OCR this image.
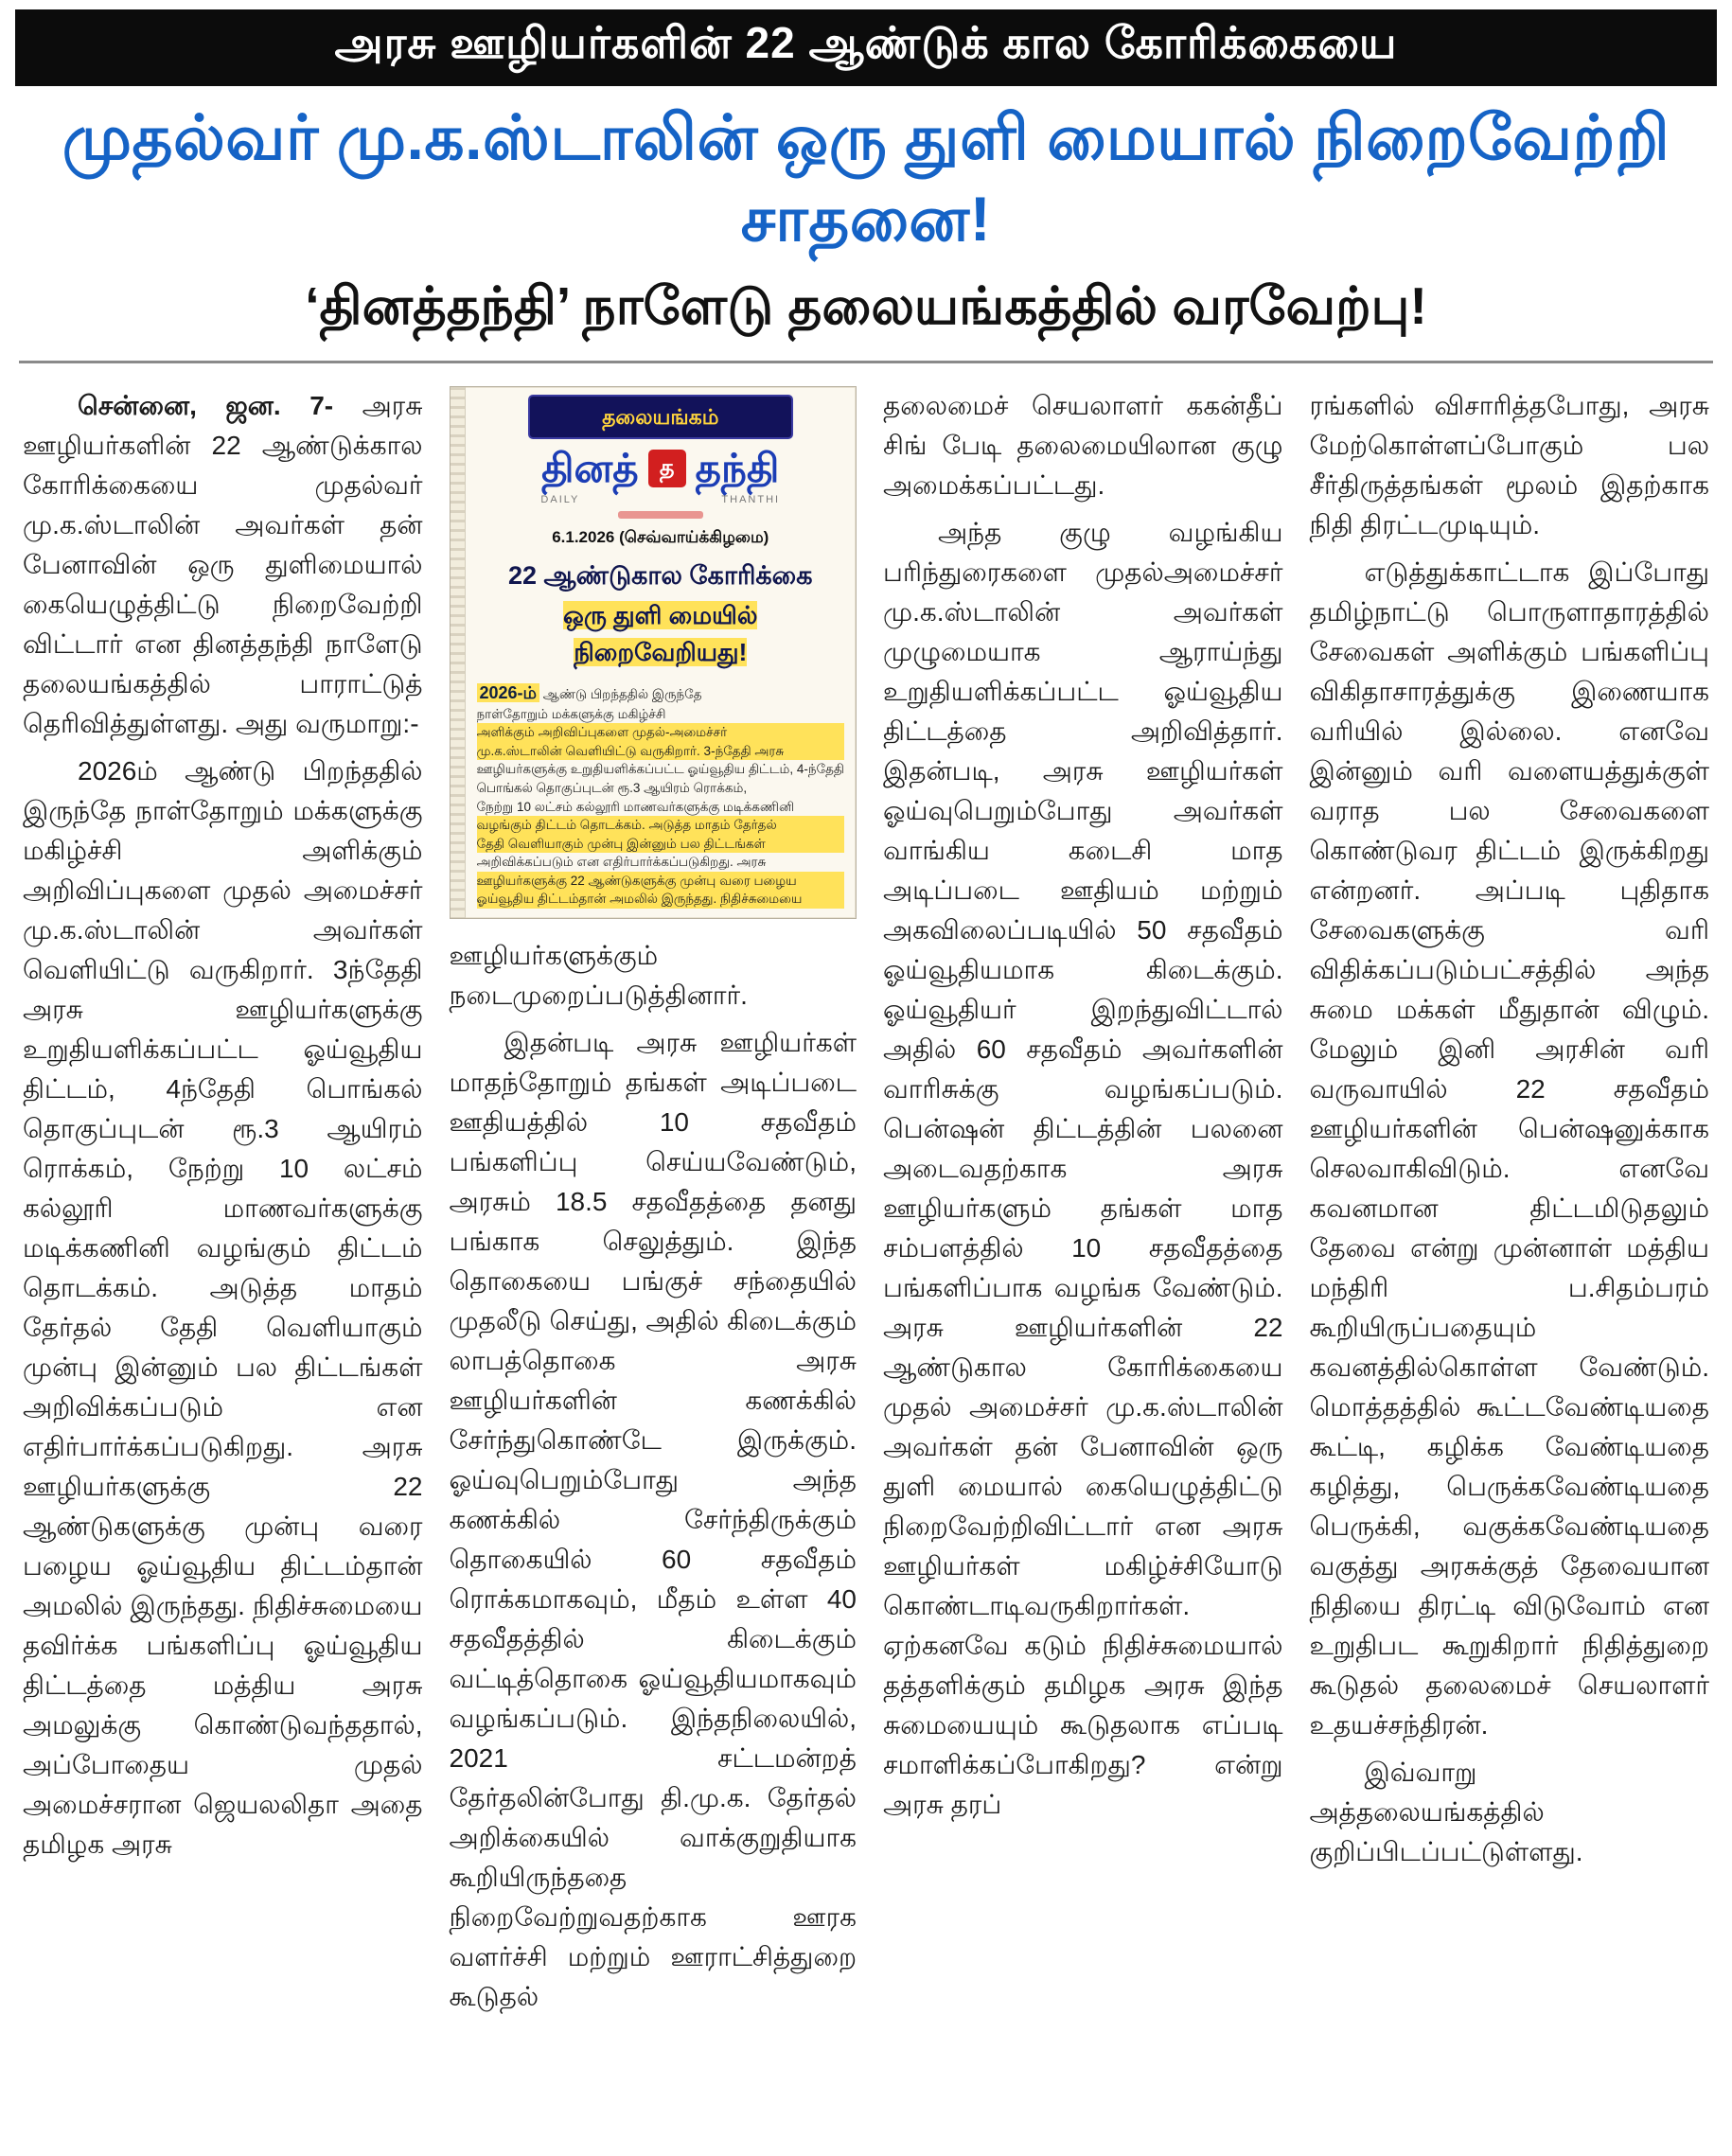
அரசு ஊழியர்களின் 22 ஆண்டுக் கால கோரிக்கையை
முதல்வர் மு.க.ஸ்டாலின் ஒரு துளி மையால் நிறைவேற்றி சாதனை!
‘தினத்தந்தி’ நாளேடு தலையங்கத்தில் வரவேற்பு!

சென்னை, ஜன. 7- அரசு ஊழியர்களின் 22 ஆண்டுக்கால கோரிக்கையை முதல்வர் மு.க.ஸ்டாலின் அவர்கள் தன் பேனாவின் ஒரு துளிமையால் கையெழுத்திட்டு நிறைவேற்றி விட்டார் என தினத்தந்தி நாளேடு தலையங்கத்தில் பாராட்டுத் தெரிவித்துள்ளது. அது வருமாறு:-

2026ம் ஆண்டு பிறந்ததில் இருந்தே நாள்தோறும் மக்களுக்கு மகிழ்ச்சி அளிக்கும் அறிவிப்புகளை முதல் அமைச்சர் மு.க.ஸ்டாலின் அவர்கள் வெளியிட்டு வருகிறார். 3ந்தேதி அரசு ஊழியர்களுக்கு உறுதியளிக்கப்பட்ட ஓய்வூதிய திட்டம், 4ந்தேதி பொங்கல் தொகுப்புடன் ரூ.3 ஆயிரம் ரொக்கம், நேற்று 10 லட்சம் கல்லூரி மாணவர்களுக்கு மடிக்கணினி வழங்கும் திட்டம் தொடக்கம். அடுத்த மாதம் தேர்தல் தேதி வெளியாகும் முன்பு இன்னும் பல திட்டங்கள் அறிவிக்கப்படும் என எதிர்பார்க்கப்படுகிறது. அரசு ஊழியர்களுக்கு 22 ஆண்டுகளுக்கு முன்பு வரை பழைய ஓய்வூதிய திட்டம்தான் அமலில் இருந்தது. நிதிச்சுமையை தவிர்க்க பங்களிப்பு ஓய்வூதிய திட்டத்தை மத்திய அரசு அமலுக்கு கொண்டுவந்ததால், அப்போதைய முதல் அமைச்சரான ஜெயலலிதா அதை தமிழக அரசு

தலையங்கம்
தினத் த தந்தி
DAILY	THANTHI
6.1.2026 (செவ்வாய்க்கிழமை)
22 ஆண்டுகால கோரிக்கை
ஒரு துளி மையில் நிறைவேறியது!
2026-ம் ஆண்டு பிறந்ததில் இருந்தே
நாள்தோறும் மக்களுக்கு மகிழ்ச்சி
அளிக்கும் அறிவிப்புகளை முதல்-அமைச்சர்
மு.க.ஸ்டாலின் வெளியிட்டு வருகிறார். 3-ந்தேதி அரசு
ஊழியர்களுக்கு உறுதியளிக்கப்பட்ட ஓய்வூதிய திட்டம், 4-ந்தேதி
பொங்கல் தொகுப்புடன் ரூ.3 ஆயிரம் ரொக்கம்,
நேற்று 10 லட்சம் கல்லூரி மாணவர்களுக்கு மடிக்கணினி
வழங்கும் திட்டம் தொடக்கம். அடுத்த மாதம் தேர்தல்
தேதி வெளியாகும் முன்பு இன்னும் பல திட்டங்கள்
அறிவிக்கப்படும் என எதிர்பார்க்கப்படுகிறது. அரசு
ஊழியர்களுக்கு 22 ஆண்டுகளுக்கு முன்பு வரை பழைய
ஓய்வூதிய திட்டம்தான் அமலில் இருந்தது. நிதிச்சுமையை

ஊழியர்களுக்கும் நடைமுறைப்படுத்தினார்.

இதன்படி அரசு ஊழியர்கள் மாதந்தோறும் தங்கள் அடிப்படை ஊதியத்தில் 10 சதவீதம் பங்களிப்பு செய்யவேண்டும், அரசும் 18.5 சதவீதத்தை தனது பங்காக செலுத்தும். இந்த தொகையை பங்குச் சந்தையில் முதலீடு செய்து, அதில் கிடைக்கும் லாபத்தொகை அரசு ஊழியர்களின் கணக்கில் சேர்ந்துகொண்டே இருக்கும். ஓய்வுபெறும்போது அந்த கணக்கில் சேர்ந்திருக்கும் தொகையில் 60 சதவீதம் ரொக்கமாகவும், மீதம் உள்ள 40 சதவீதத்தில் கிடைக்கும் வட்டித்தொகை ஓய்வூதியமாகவும் வழங்கப்படும். இந்தநிலையில், 2021 சட்டமன்றத் தேர்தலின்போது தி.மு.க. தேர்தல் அறிக்கையில் வாக்குறுதியாக கூறியிருந்ததை நிறைவேற்றுவதற்காக ஊரக வளர்ச்சி மற்றும் ஊராட்சித்துறை கூடுதல்

தலைமைச் செயலாளர் ககன்தீப் சிங் பேடி தலைமையிலான குழு அமைக்கப்பட்டது.

அந்த குழு வழங்கிய பரிந்துரைகளை முதல்அமைச்சர் மு.க.ஸ்டாலின் அவர்கள் முழுமையாக ஆராய்ந்து உறுதியளிக்கப்பட்ட ஓய்வூதிய திட்டத்தை அறிவித்தார். இதன்படி, அரசு ஊழியர்கள் ஓய்வுபெறும்போது அவர்கள் வாங்கிய கடைசி மாத அடிப்படை ஊதியம் மற்றும் அகவிலைப்படியில் 50 சதவீதம் ஓய்வூதியமாக கிடைக்கும். ஓய்வூதியர் இறந்துவிட்டால் அதில் 60 சதவீதம் அவர்களின் வாரிசுக்கு வழங்கப்படும். பென்ஷன் திட்டத்தின் பலனை அடைவதற்காக அரசு ஊழியர்களும் தங்கள் மாத சம்பளத்தில் 10 சதவீதத்தை பங்களிப்பாக வழங்க வேண்டும். அரசு ஊழியர்களின் 22 ஆண்டுகால கோரிக்கையை முதல் அமைச்சர் மு.க.ஸ்டாலின் அவர்கள் தன் பேனாவின் ஒரு துளி மையால் கையெழுத்திட்டு நிறைவேற்றிவிட்டார் என அரசு ஊழியர்கள் மகிழ்ச்சியோடு கொண்டாடிவருகிறார்கள். ஏற்கனவே கடும் நிதிச்சுமையால் தத்தளிக்கும் தமிழக அரசு இந்த சுமையையும் கூடுதலாக எப்படி சமாளிக்கப்போகிறது? என்று அரசு தரப்

ரங்களில் விசாரித்தபோது, அரசு மேற்கொள்ளப்போகும் பல சீர்திருத்தங்கள் மூலம் இதற்காக நிதி திரட்டமுடியும்.

எடுத்துக்காட்டாக இப்போது தமிழ்நாட்டு பொருளாதாரத்தில் சேவைகள் அளிக்கும் பங்களிப்பு விகிதாசாரத்துக்கு இணையாக வரியில் இல்லை. எனவே இன்னும் வரி வளையத்துக்குள் வராத பல சேவைகளை கொண்டுவர திட்டம் இருக்கிறது என்றனர். அப்படி புதிதாக சேவைகளுக்கு வரி விதிக்கப்படும்பட்சத்தில் அந்த சுமை மக்கள் மீதுதான் விழும். மேலும் இனி அரசின் வரி வருவாயில் 22 சதவீதம் ஊழியர்களின் பென்ஷனுக்காக செலவாகிவிடும். எனவே கவனமான திட்டமிடுதலும் தேவை என்று முன்னாள் மத்திய மந்திரி ப.சிதம்பரம் கூறியிருப்பதையும் கவனத்தில்கொள்ள வேண்டும். மொத்தத்தில் கூட்டவேண்டியதை கூட்டி, கழிக்க வேண்டியதை கழித்து, பெருக்கவேண்டியதை பெருக்கி, வகுக்கவேண்டியதை வகுத்து அரசுக்குத் தேவையான நிதியை திரட்டி விடுவோம் என உறுதிபட கூறுகிறார் நிதித்துறை கூடுதல் தலைமைச் செயலாளர் உதயச்சந்திரன்.

இவ்வாறு அத்தலையங்கத்தில் குறிப்பிடப்பட்டுள்ளது.
